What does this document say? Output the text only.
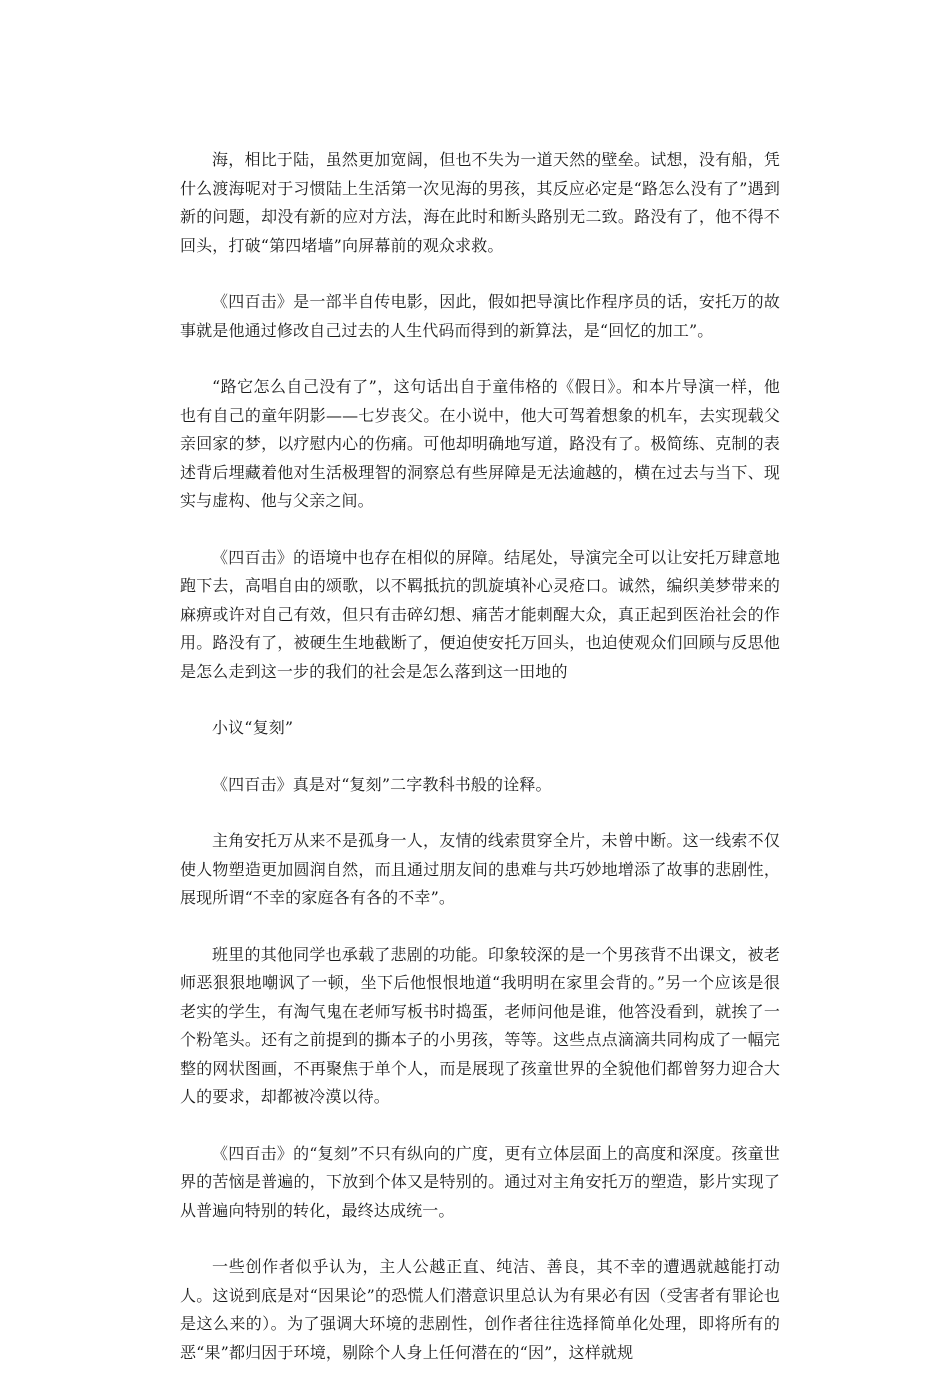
海，相比于陆，虽然更加宽阔，但也不失为一道天然的壁垒。试想，没有船，凭什么渡海呢对于习惯陆上生活第一次见海的男孩，其反应必定是“路怎么没有了”遇到新的问题，却没有新的应对方法，海在此时和断头路别无二致。路没有了，他不得不回头，打破“第四堵墙”向屏幕前的观众求救。

《四百击》是一部半自传电影，因此，假如把导演比作程序员的话，安托万的故事就是他通过修改自己过去的人生代码而得到的新算法，是“回忆的加工”。

“路它怎么自己没有了”，这句话出自于童伟格的《假日》。和本片导演一样，他也有自己的童年阴影——七岁丧父。在小说中，他大可驾着想象的机车，去实现载父亲回家的梦，以疗慰内心的伤痛。可他却明确地写道，路没有了。极简练、克制的表述背后埋藏着他对生活极理智的洞察总有些屏障是无法逾越的，横在过去与当下、现实与虚构、他与父亲之间。

《四百击》的语境中也存在相似的屏障。结尾处，导演完全可以让安托万肆意地跑下去，高唱自由的颂歌，以不羁抵抗的凯旋填补心灵疮口。诚然，编织美梦带来的麻痹或许对自己有效，但只有击碎幻想、痛苦才能刺醒大众，真正起到医治社会的作用。路没有了，被硬生生地截断了，便迫使安托万回头，也迫使观众们回顾与反思他是怎么走到这一步的我们的社会是怎么落到这一田地的

小议“复刻”

《四百击》真是对“复刻”二字教科书般的诠释。

主角安托万从来不是孤身一人，友情的线索贯穿全片，未曾中断。这一线索不仅使人物塑造更加圆润自然，而且通过朋友间的患难与共巧妙地增添了故事的悲剧性，展现所谓“不幸的家庭各有各的不幸”。

班里的其他同学也承载了悲剧的功能。印象较深的是一个男孩背不出课文，被老师恶狠狠地嘲讽了一顿，坐下后他恨恨地道“我明明在家里会背的。”另一个应该是很老实的学生，有淘气鬼在老师写板书时捣蛋，老师问他是谁，他答没看到，就挨了一个粉笔头。还有之前提到的撕本子的小男孩，等等。这些点点滴滴共同构成了一幅完整的网状图画，不再聚焦于单个人，而是展现了孩童世界的全貌他们都曾努力迎合大人的要求，却都被冷漠以待。

《四百击》的“复刻”不只有纵向的广度，更有立体层面上的高度和深度。孩童世界的苦恼是普遍的，下放到个体又是特别的。通过对主角安托万的塑造，影片实现了从普遍向特别的转化，最终达成统一。

一些创作者似乎认为，主人公越正直、纯洁、善良，其不幸的遭遇就越能打动人。这说到底是对“因果论”的恐慌人们潜意识里总认为有果必有因（受害者有罪论也是这么来的）。为了强调大环境的悲剧性，创作者往往选择简单化处理，即将所有的恶“果”都归因于环境，剔除个人身上任何潜在的“因”，这样就规
